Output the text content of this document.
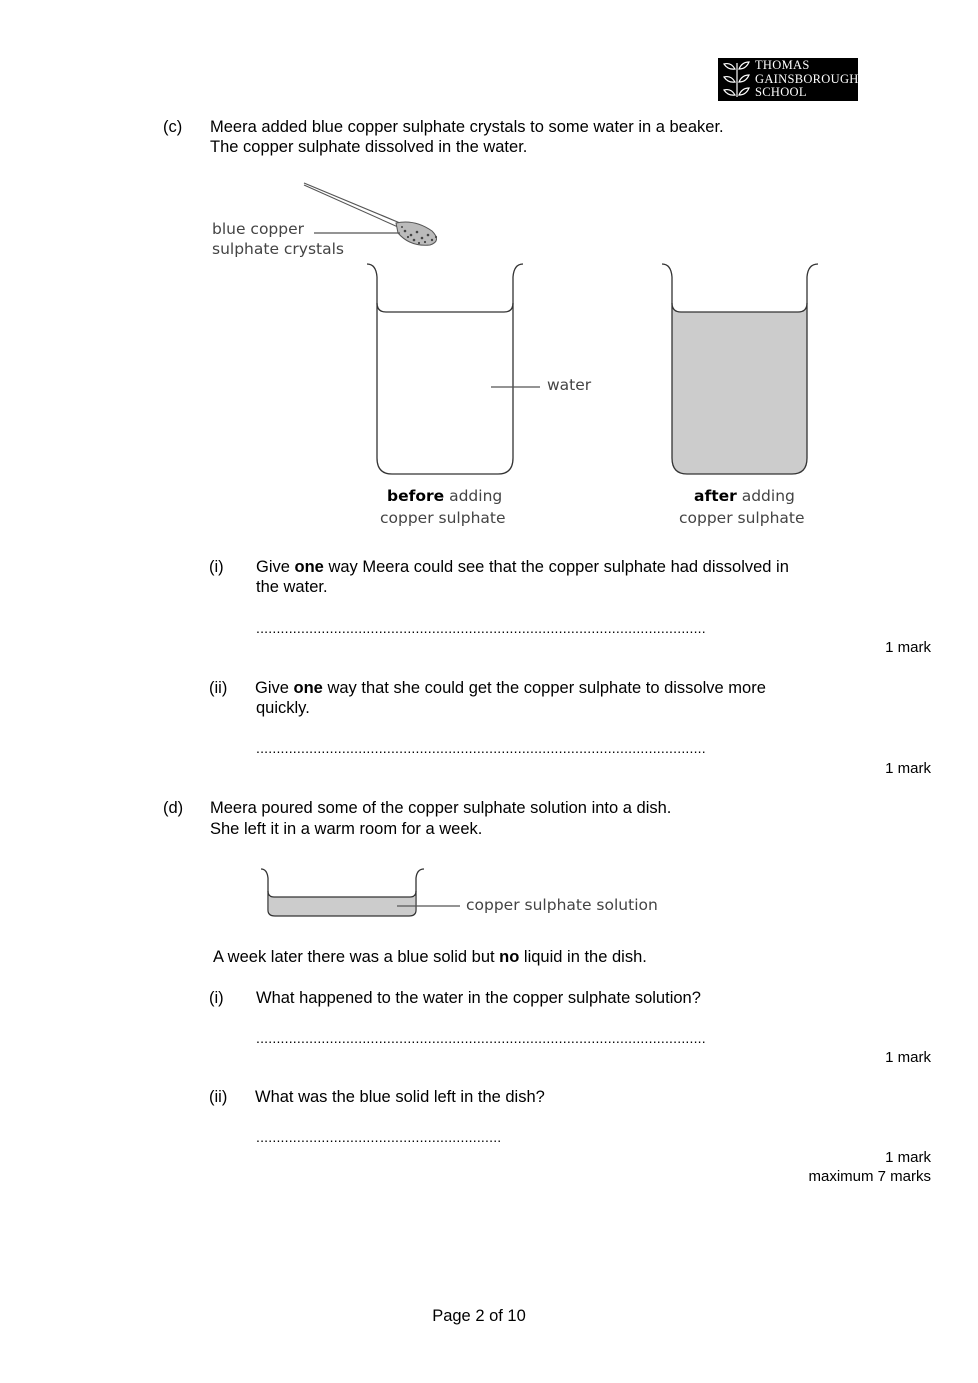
THOMAS
GAINSBOROUGH
SCHOOL
(c) Meera added blue copper sulphate crystals to some water in a beaker.
The copper sulphate dissolved in the water.
blue copper
sulphate crystals
water
before adding
copper sulphate
after adding
copper sulphate
(i) Give one way Meera could see that the copper sulphate had dissolved in
the water.
..............................................................................................................
1 mark
(ii) Give one way that she could get the copper sulphate to dissolve more
quickly.
..............................................................................................................
1 mark
(d) Meera poured some of the copper sulphate solution into a dish.
She left it in a warm room for a week.
copper sulphate solution
A week later there was a blue solid but no liquid in the dish.
(i) What happened to the water in the copper sulphate solution?
..............................................................................................................
1 mark
(ii) What was the blue solid left in the dish?
............................................................
1 mark
maximum 7 marks
Page 2 of 10
